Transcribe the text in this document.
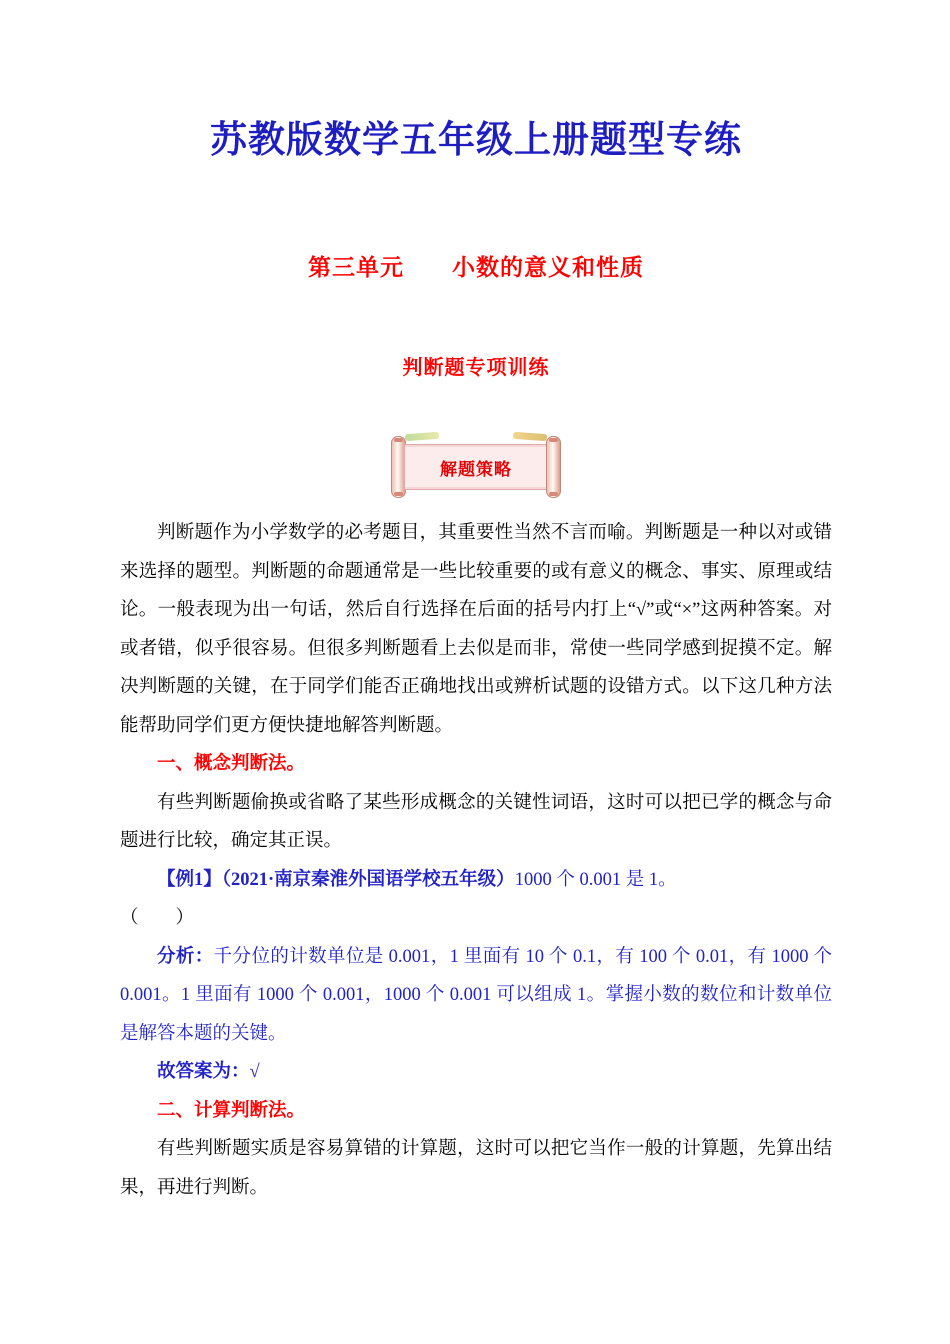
苏教版数学五年级上册题型专练
第三单元　　小数的意义和性质
判断题专项训练
解题策略

判断题作为小学数学的必考题目，其重要性当然不言而喻。判断题是一种以对或错来选择的题型。判断题的命题通常是一些比较重要的或有意义的概念、事实、原理或结论。一般表现为出一句话，然后自行选择在后面的括号内打上“√”或“×”这两种答案。对或者错，似乎很容易。但很多判断题看上去似是而非，常使一些同学感到捉摸不定。解决判断题的关键，在于同学们能否正确地找出或辨析试题的设错方式。以下这几种方法能帮助同学们更方便快捷地解答判断题。

一、概念判断法。

有些判断题偷换或省略了某些形成概念的关键性词语，这时可以把已学的概念与命题进行比较，确定其正误。

【例1】（2021·南京秦淮外国语学校五年级）1000 个 0.001 是 1。

（　　）

分析：千分位的计数单位是 0.001，1 里面有 10 个 0.1，有 100 个 0.01，有 1000 个 0.001。1 里面有 1000 个 0.001，1000 个 0.001 可以组成 1。掌握小数的数位和计数单位是解答本题的关键。

故答案为：√

二、计算判断法。

有些判断题实质是容易算错的计算题，这时可以把它当作一般的计算题，先算出结果，再进行判断。
